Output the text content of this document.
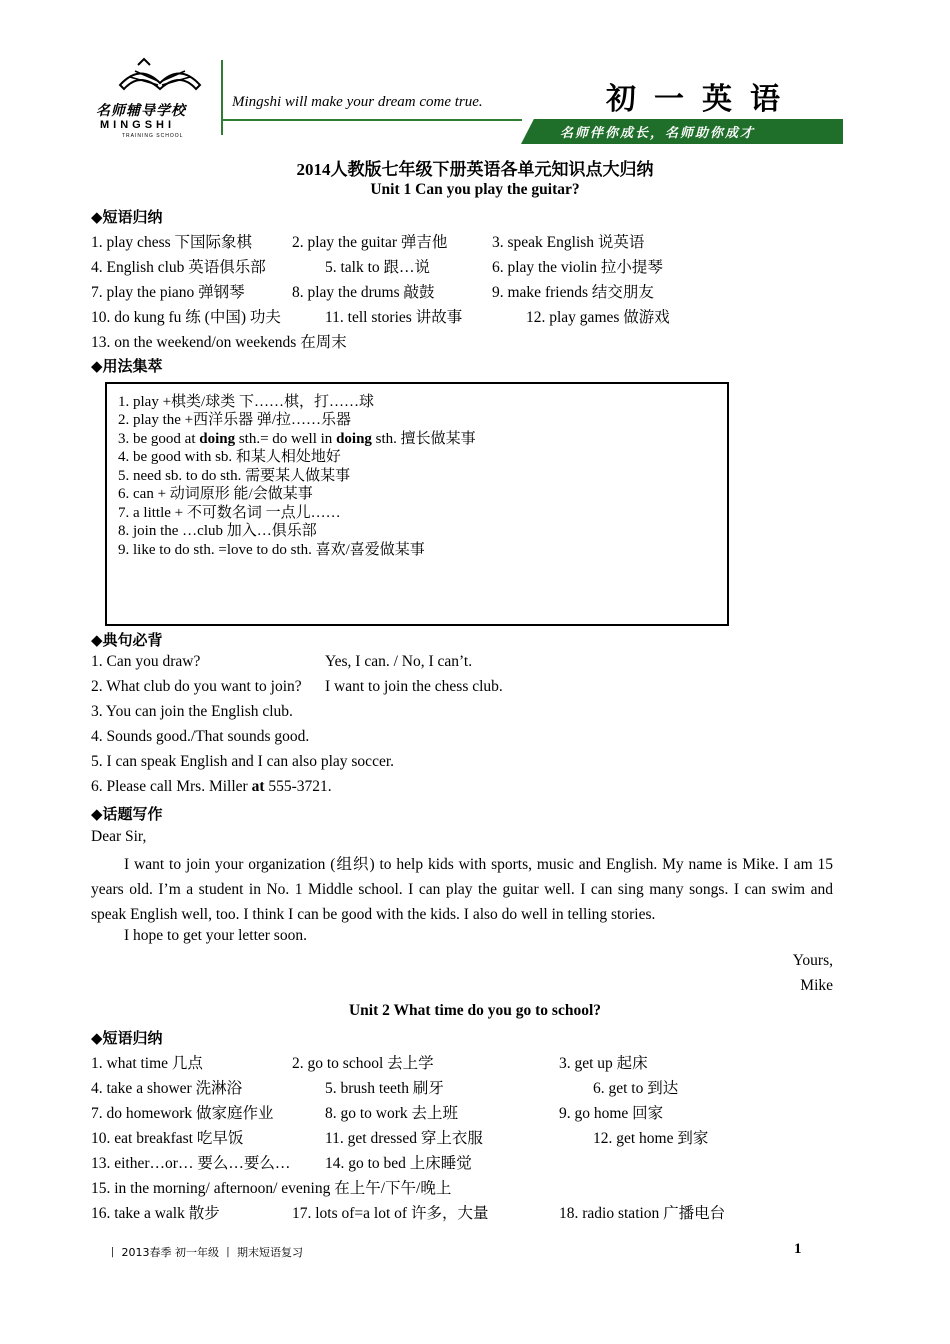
名师辅导学校
MINGSHI
TRAINING SCHOOL
Mingshi will make your dream come true.	初一英语
名师伴你成长，名师助你成才
2014人教版七年级下册英语各单元知识点大归纳
Unit 1 Can you play the guitar?
◆短语归纳
1. play chess 下国际象棋	2. play the guitar 弹吉他	3. speak English 说英语
4. English club 英语俱乐部	5. talk to 跟…说	6. play the violin 拉小提琴
7. play the piano 弹钢琴	8. play the drums 敲鼓	9. make friends 结交朋友
10. do kung fu 练 (中国) 功夫	11. tell stories 讲故事	12. play games 做游戏
13. on the weekend/on weekends 在周末
◆用法集萃
1. play +棋类/球类 下……棋，打……球
2. play the +西洋乐器 弹/拉……乐器
3. be good at doing sth.= do well in doing sth. 擅长做某事
4. be good with sb. 和某人相处地好
5. need sb. to do sth. 需要某人做某事
6. can + 动词原形 能/会做某事
7. a little + 不可数名词 一点儿……
8. join the …club 加入…俱乐部
9. like to do sth. =love to do sth. 喜欢/喜爱做某事
◆典句必背
1. Can you draw?	Yes, I can. / No, I can’t.
2. What club do you want to join? I want to join the chess club.
3. You can join the English club.
4. Sounds good./That sounds good.
5. I can speak English and I can also play soccer.
6. Please call Mrs. Miller at 555-3721.
◆话题写作
Dear Sir,
I want to join your organization (组织) to help kids with sports, music and English. My name is Mike. I am 15 years old. I’m a student in No. 1 Middle school. I can play the guitar well. I can sing many songs. I can swim and speak English well, too. I think I can be good with the kids. I also do well in telling stories.
I hope to get your letter soon.
Yours,
Mike
Unit 2 What time do you go to school?
◆短语归纳
1. what time 几点	2. go to school 去上学	3. get up 起床
4. take a shower 洗淋浴	5. brush teeth 刷牙	6. get to 到达
7. do homework 做家庭作业	8. go to work 去上班	9. go home 回家
10. eat breakfast 吃早饭	11. get dressed 穿上衣服	12. get home 到家
13. either…or… 要么…要么… 14. go to bed 上床睡觉
15. in the morning/ afternoon/ evening 在上午/下午/晚上
16. take a walk 散步	17. lots of=a lot of 许多，大量	18. radio station 广播电台
丨 2013春季 初一年级 丨 期末短语复习	1
